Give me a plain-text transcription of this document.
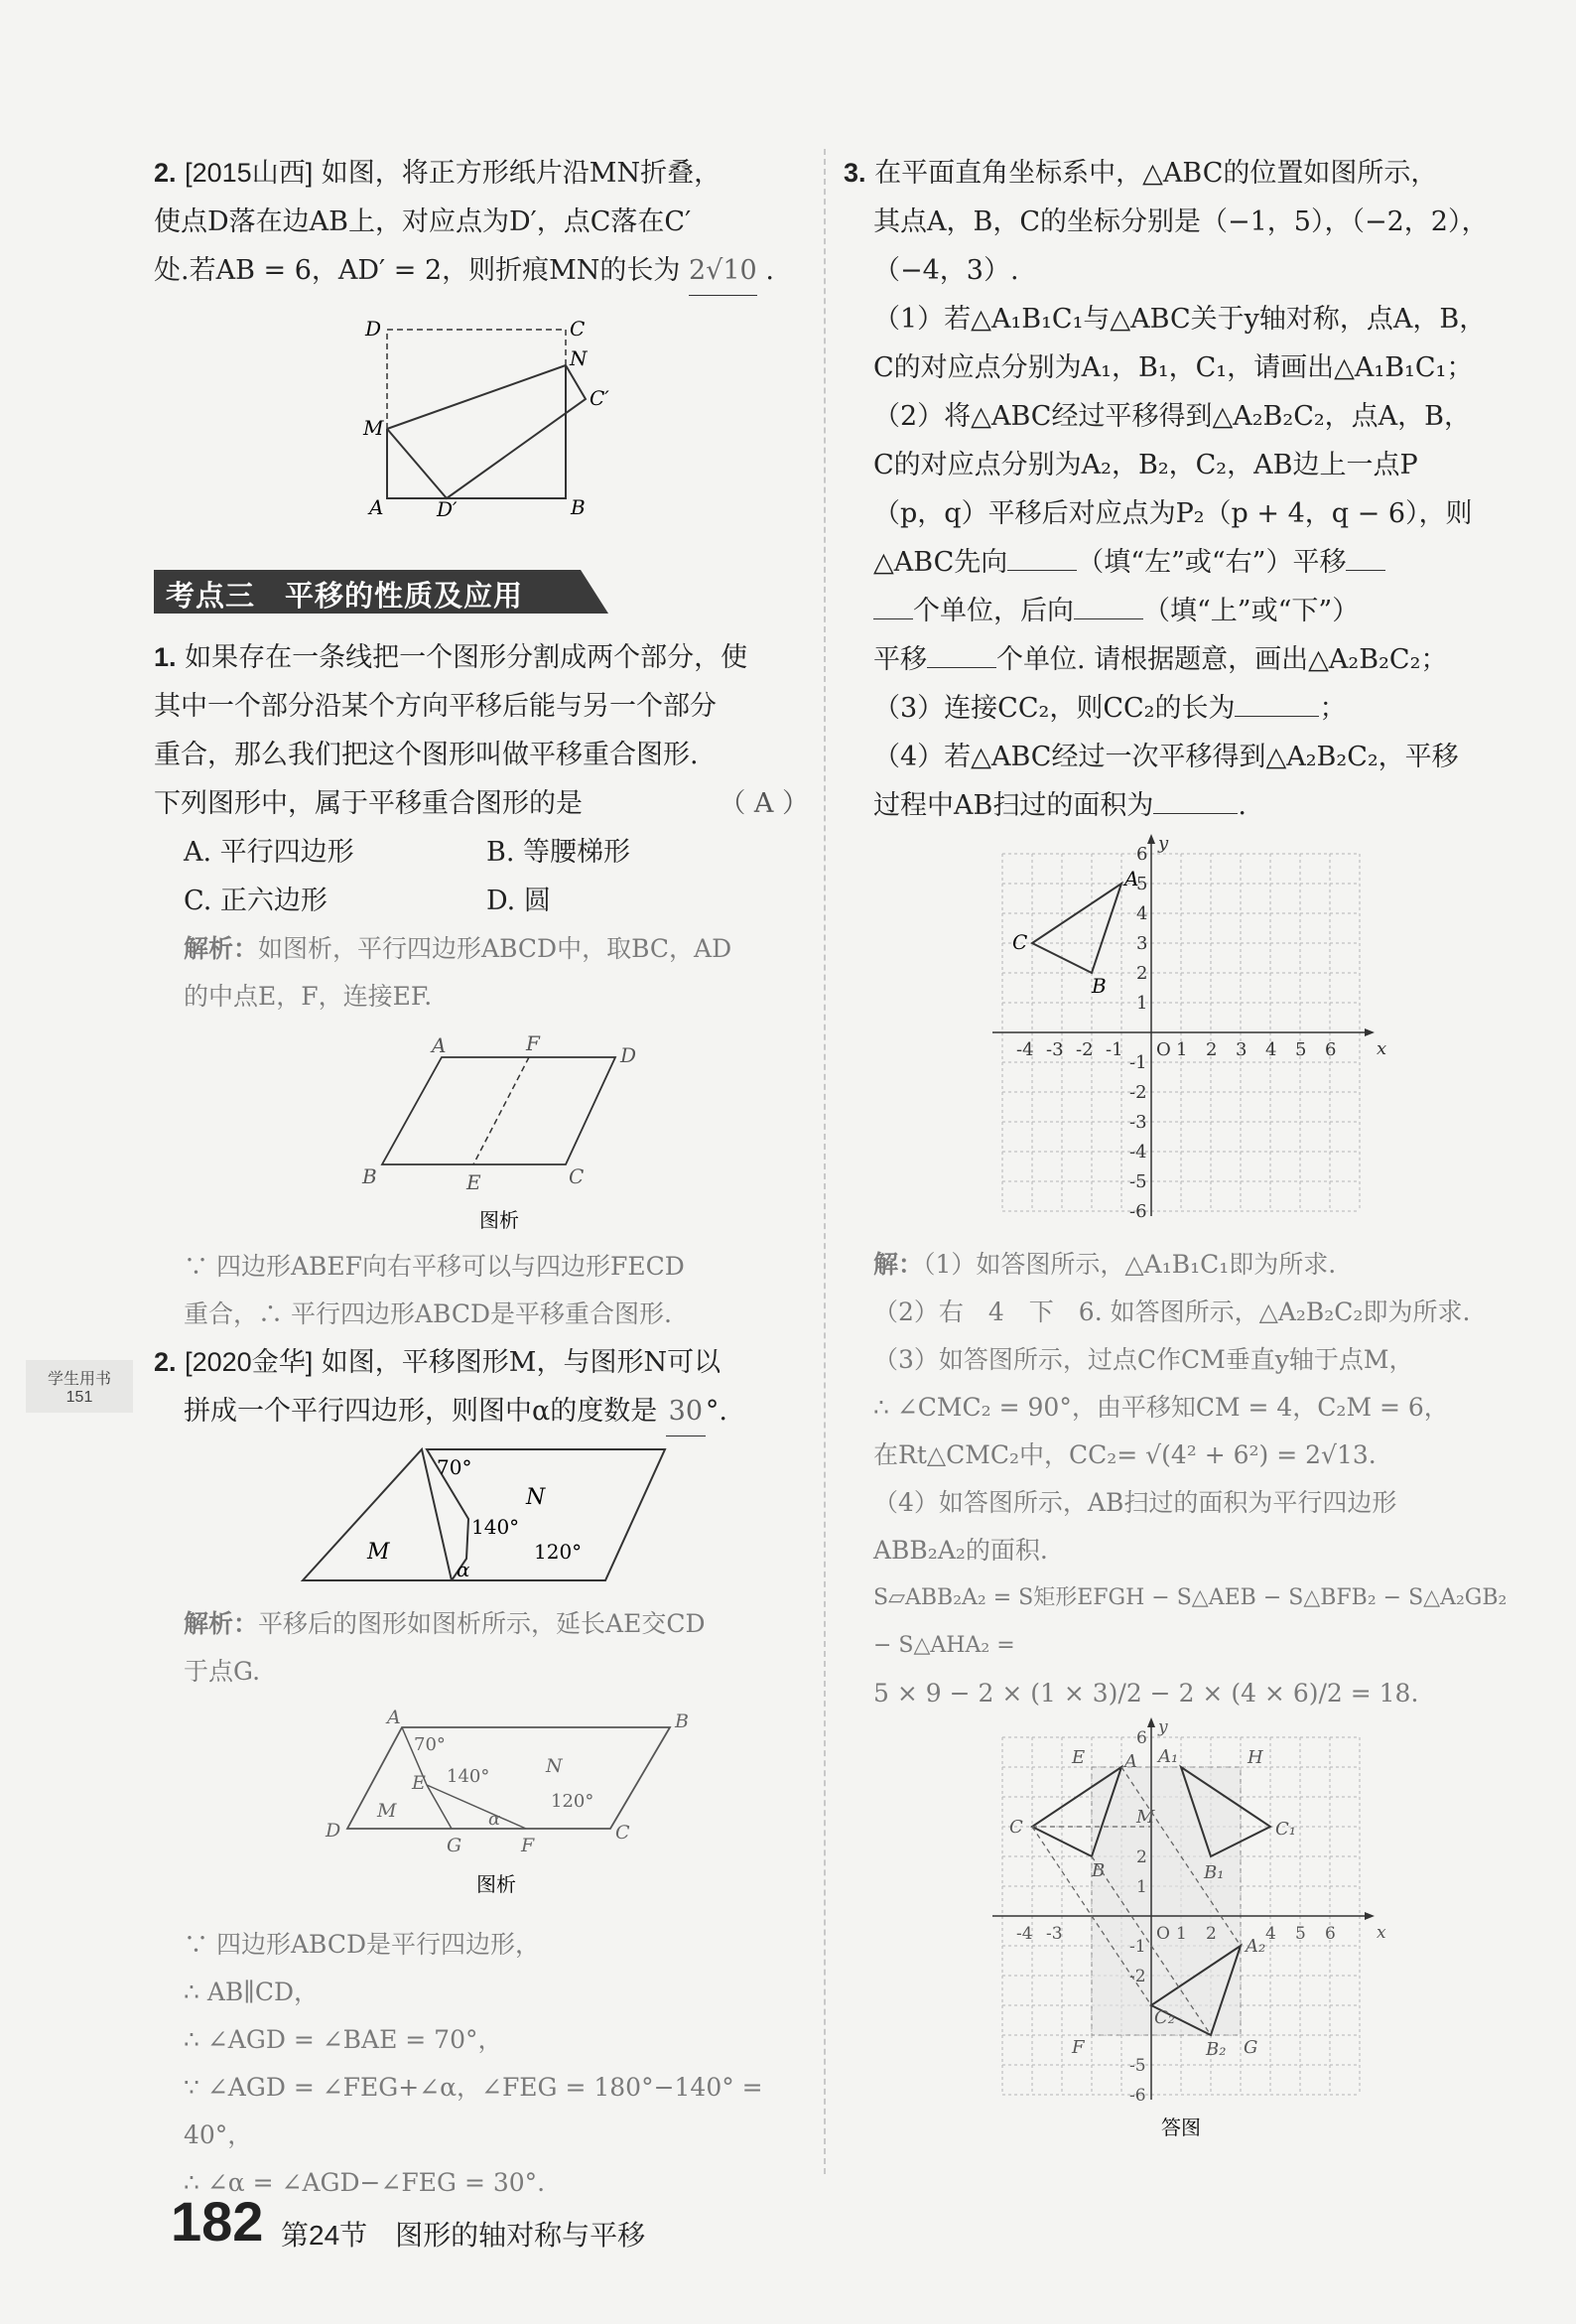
2. [2015山西] 如图，将正方形纸片沿MN折叠，

使点D落在边AB上，对应点为D′，点C落在C′

处.若AB = 6，AD′ = 2，则折痕MN的长为 2√10 .

D	C
N
C′
M
A	D′	B
考点三　平移的性质及应用

1. 如果存在一条线把一个图形分割成两个部分，使

其中一个部分沿某个方向平移后能与另一个部分

重合，那么我们把这个图形叫做平移重合图形.

下列图形中，属于平移重合图形的是	（ A ）

A. 平行四边形	B. 等腰梯形

C. 正六边形	D. 圆

解析：如图析，平行四边形ABCD中，取BC，AD

的中点E，F，连接EF.

A	F	D
B	E	C
图析

∵ 四边形ABEF向右平移可以与四边形FECD

重合，∴ 平行四边形ABCD是平移重合图形.

学生用书
151

2. [2020金华] 如图，平移图形M，与图形N可以

拼成一个平行四边形，则图中α的度数是 30 °.

70°
140°
120°
M
N
α

解析：平移后的图形如图析所示，延长AE交CD

于点G.

A	B
E
D
G	F
C
M
N
70°
140°
120°
α
图析

∵ 四边形ABCD是平行四边形，

∴ AB∥CD，

∴ ∠AGD = ∠BAE = 70°，

∵ ∠AGD = ∠FEG+∠α，∠FEG = 180°−140° = 40°，

∴ ∠α = ∠AGD−∠FEG = 30°.

3. 在平面直角坐标系中，△ABC的位置如图所示，

其点A，B，C的坐标分别是（−1，5），（−2，2），

（−4，3）.

（1）若△A₁B₁C₁与△ABC关于y轴对称，点A，B，

C的对应点分别为A₁，B₁，C₁，请画出△A₁B₁C₁；

（2）将△ABC经过平移得到△A₂B₂C₂，点A，B，

C的对应点分别为A₂，B₂，C₂，AB边上一点P

（p，q）平移后对应点为P₂（p + 4，q − 6），则

△ABC先向	（填“左”或“右”）平移

个单位，后向	（填“上”或“下”）

平移	个单位. 请根据题意，画出△A₂B₂C₂；

（3）连接CC₂，则CC₂的长为	；

（4）若△ABC经过一次平移得到△A₂B₂C₂，平移

过程中AB扫过的面积为	.

x
y
-4 -3 -2 -1 O 1 2 3 4 5 6
6
5
4
3
2
1
-1
-2
-3
-4
-5
-6
A
B
C

解：（1）如答图所示，△A₁B₁C₁即为所求.

（2）右　4　下　6. 如答图所示，△A₂B₂C₂即为所求.

（3）如答图所示，过点C作CM垂直y轴于点M，

∴ ∠CMC₂ = 90°，由平移知CM = 4，C₂M = 6，

在Rt△CMC₂中，CC₂= √(4² + 6²) = 2√13.

（4）如答图所示，AB扫过的面积为平行四边形

ABB₂A₂的面积.

S▱ABB₂A₂ = S矩形EFGH − S△AEB − S△BFB₂ − S△A₂GB₂ − S△AHA₂ =

5 × 9 − 2 × (1 × 3)/2 − 2 × (4 × 6)/2 = 18.

E	A₁	H
C	M
C₁
B	B₁
A
A₂
C₂
F	B₂ G
-4 -3	O 1 2	4 5 6 x
y
6
2
1
-1
-2
-5
-6
答图
182 第24节　图形的轴对称与平移
